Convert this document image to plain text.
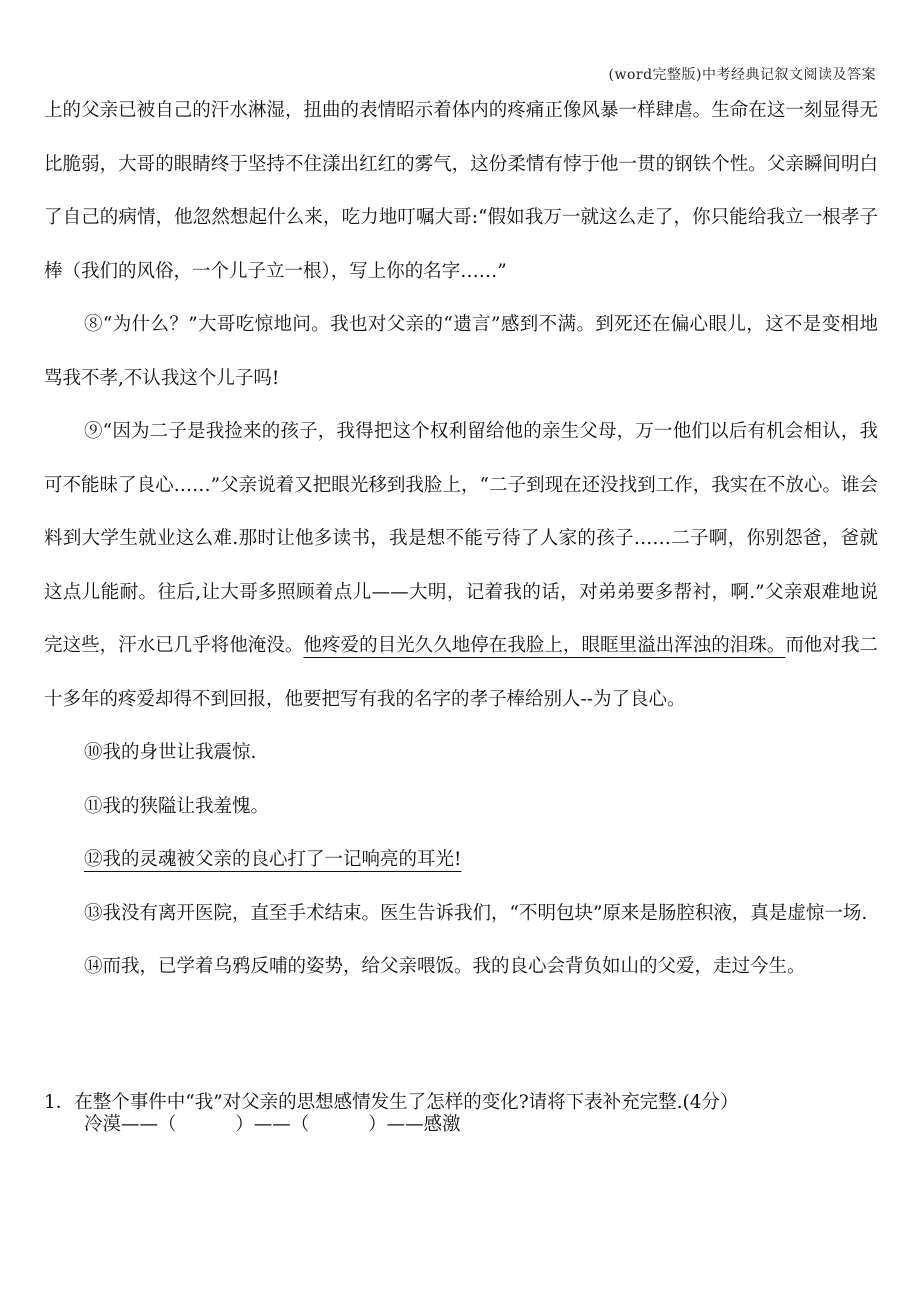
(word完整版)中考经典记叙文阅读及答案

上的父亲已被自己的汗水淋湿，扭曲的表情昭示着体内的疼痛正像风暴一样肆虐。生命在这一刻显得无比脆弱，大哥的眼睛终于坚持不住漾出红红的雾气，这份柔情有悖于他一贯的钢铁个性。父亲瞬间明白了自己的病情，他忽然想起什么来，吃力地叮嘱大哥:“假如我万一就这么走了，你只能给我立一根孝子棒（我们的风俗，一个儿子立一根），写上你的名字……”

⑧“为什么？”大哥吃惊地问。我也对父亲的“遗言”感到不满。到死还在偏心眼儿，这不是变相地骂我不孝,不认我这个儿子吗!

⑨“因为二子是我捡来的孩子，我得把这个权利留给他的亲生父母，万一他们以后有机会相认，我可不能昧了良心……”父亲说着又把眼光移到我脸上，“二子到现在还没找到工作，我实在不放心。谁会料到大学生就业这么难.那时让他多读书，我是想不能亏待了人家的孩子……二子啊，你别怨爸，爸就这点儿能耐。往后,让大哥多照顾着点儿——大明，记着我的话，对弟弟要多帮衬，啊.”父亲艰难地说完这些，汗水已几乎将他淹没。他疼爱的目光久久地停在我脸上，眼眶里溢出浑浊的泪珠。而他对我二十多年的疼爱却得不到回报，他要把写有我的名字的孝子棒给别人--为了良心。

⑩我的身世让我震惊.

⑪我的狭隘让我羞愧。

⑫我的灵魂被父亲的良心打了一记响亮的耳光!

⑬我没有离开医院，直至手术结束。医生告诉我们，“不明包块”原来是肠腔积液，真是虚惊一场.

⑭而我，已学着乌鸦反哺的姿势，给父亲喂饭。我的良心会背负如山的父爱，走过今生。

1．在整个事件中“我”对父亲的思想感情发生了怎样的变化?请将下表补充完整.(4分）
冷漠——（          ）——（          ）——感激
